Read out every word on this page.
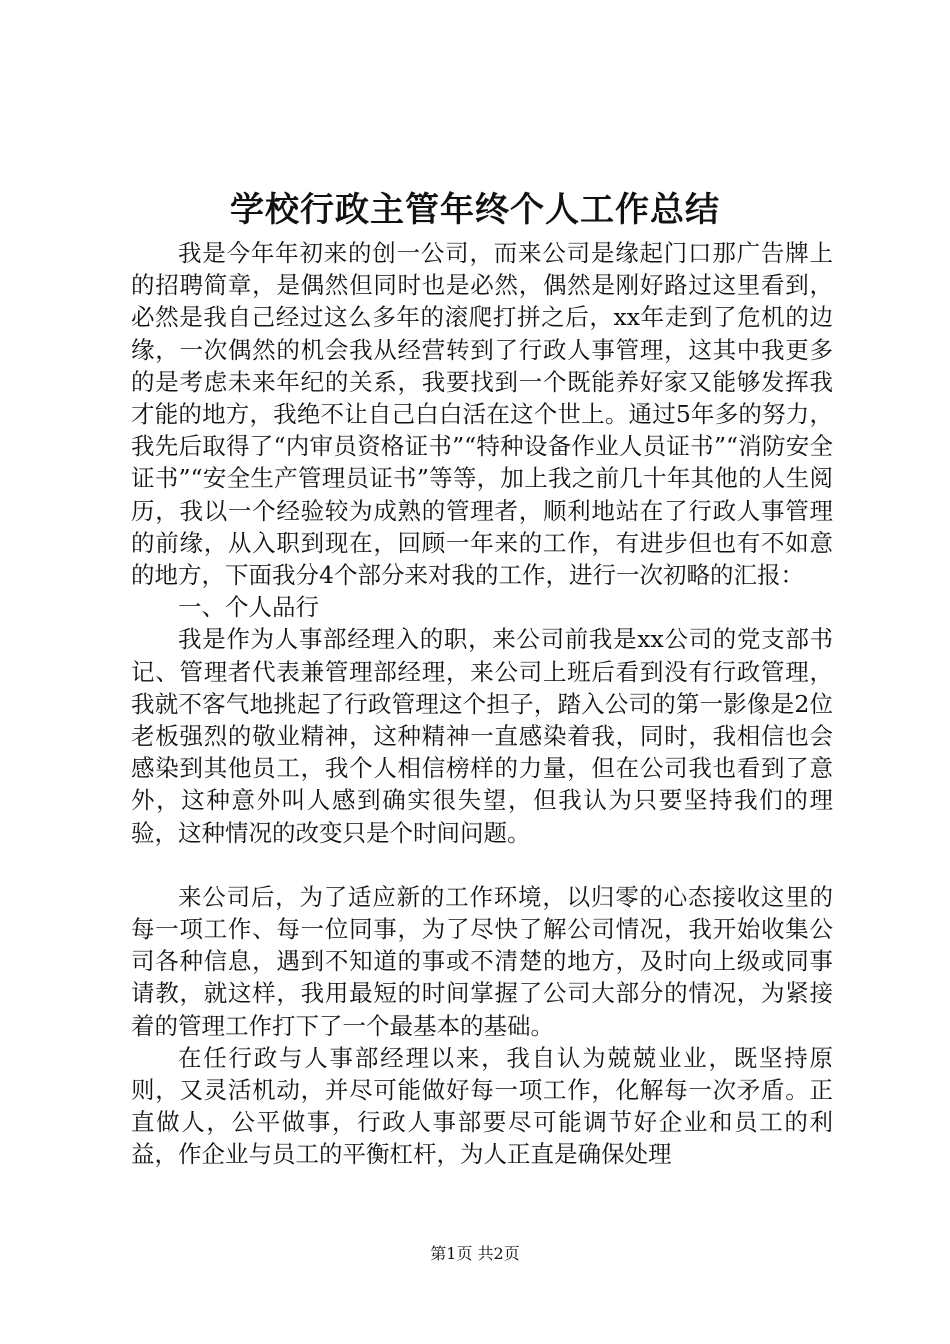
学校行政主管年终个人工作总结

我是今年年初来的创一公司，而来公司是缘起门口那广告牌上的招聘简章，是偶然但同时也是必然，偶然是刚好路过这里看到，必然是我自己经过这么多年的滚爬打拼之后，xx年走到了危机的边缘，一次偶然的机会我从经营转到了行政人事管理，这其中我更多的是考虑未来年纪的关系，我要找到一个既能养好家又能够发挥我才能的地方，我绝不让自己白白活在这个世上。通过5年多的努力，我先后取得了“内审员资格证书”“特种设备作业人员证书”“消防安全证书”“安全生产管理员证书”等等，加上我之前几十年其他的人生阅历，我以一个经验较为成熟的管理者，顺利地站在了行政人事管理的前缘，从入职到现在，回顾一年来的工作，有进步但也有不如意的地方，下面我分4个部分来对我的工作，进行一次初略的汇报：

一、个人品行

我是作为人事部经理入的职，来公司前我是xx公司的党支部书记、管理者代表兼管理部经理，来公司上班后看到没有行政管理，我就不客气地挑起了行政管理这个担子，踏入公司的第一影像是2位老板强烈的敬业精神，这种精神一直感染着我，同时，我相信也会感染到其他员工，我个人相信榜样的力量，但在公司我也看到了意外，这种意外叫人感到确实很失望，但我认为只要坚持我们的理验，这种情况的改变只是个时间问题。

来公司后，为了适应新的工作环境，以归零的心态接收这里的每一项工作、每一位同事，为了尽快了解公司情况，我开始收集公司各种信息，遇到不知道的事或不清楚的地方，及时向上级或同事请教，就这样，我用最短的时间掌握了公司大部分的情况，为紧接着的管理工作打下了一个最基本的基础。

在任行政与人事部经理以来，我自认为兢兢业业，既坚持原则，又灵活机动，并尽可能做好每一项工作，化解每一次矛盾。正直做人，公平做事，行政人事部要尽可能调节好企业和员工的利益，作企业与员工的平衡杠杆，为人正直是确保处理

第1页 共2页
